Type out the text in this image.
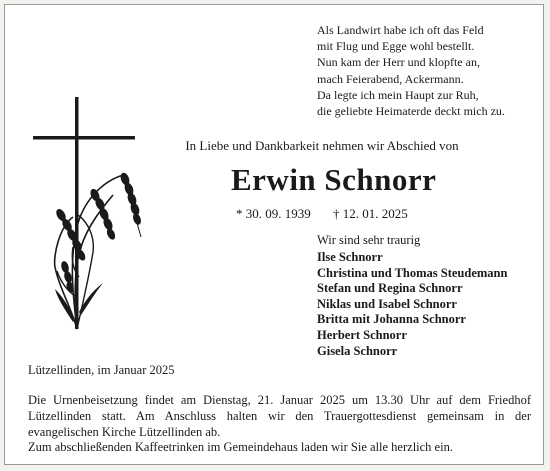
Als Landwirt habe ich oft das Feld
mit Flug und Egge wohl bestellt.
Nun kam der Herr und klopfte an,
mach Feierabend, Ackermann.
Da legte ich mein Haupt zur Ruh,
die geliebte Heimaterde deckt mich zu.
In Liebe und Dankbarkeit nehmen wir Abschied von
Erwin Schnorr
* 30. 09. 1939 † 12. 01. 2025
Wir sind sehr traurig
Ilse Schnorr
Christina und Thomas Steudemann
Stefan und Regina Schnorr
Niklas und Isabel Schnorr
Britta mit Johanna Schnorr
Herbert Schnorr
Gisela Schnorr
Lützellinden, im Januar 2025
Die Urnenbeisetzung findet am Dienstag, 21. Januar 2025 um 13.30 Uhr auf dem Friedhof
Lützellinden statt. Am Anschluss halten wir den Trauergottesdienst gemeinsam in der
evangelischen Kirche Lützellinden ab.
Zum abschließenden Kaffeetrinken im Gemeindehaus laden wir Sie alle herzlich ein.
